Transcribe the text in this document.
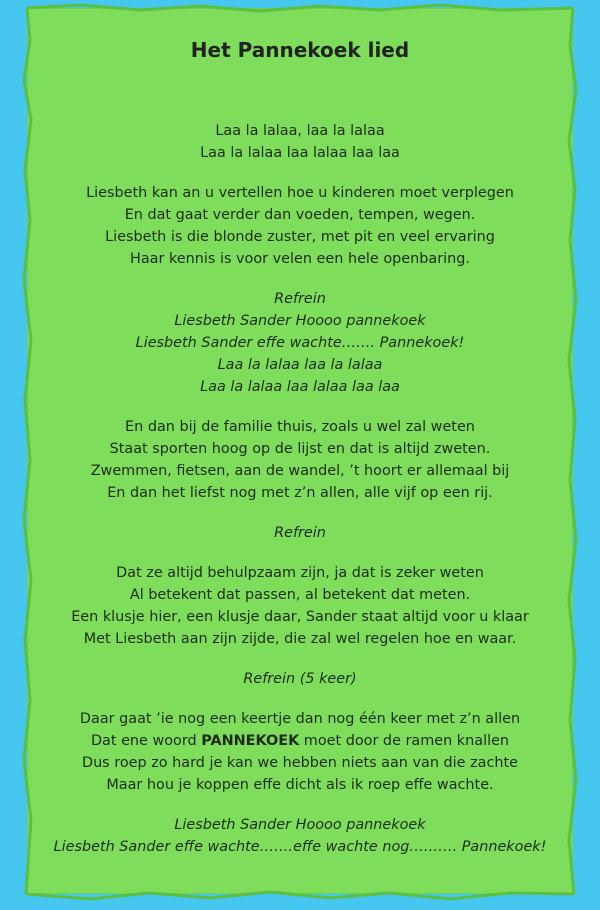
Het Pannekoek lied
Laa la lalaa, laa la lalaa
Laa la lalaa laa lalaa laa laa
Liesbeth kan an u vertellen hoe u kinderen moet verplegen
En dat gaat verder dan voeden, tempen, wegen.
Liesbeth is die blonde zuster, met pit en veel ervaring
Haar kennis is voor velen een hele openbaring.
Refrein
Liesbeth Sander Hoooo pannekoek
Liesbeth Sander effe wachte……. Pannekoek!
Laa la lalaa laa la lalaa
Laa la lalaa laa lalaa laa laa
En dan bij de familie thuis, zoals u wel zal weten
Staat sporten hoog op de lijst en dat is altijd zweten.
Zwemmen, fietsen, aan de wandel, ’t hoort er allemaal bij
En dan het liefst nog met z’n allen, alle vijf op een rij.
Refrein
Dat ze altijd behulpzaam zijn, ja dat is zeker weten
Al betekent dat passen, al betekent dat meten.
Een klusje hier, een klusje daar, Sander staat altijd voor u klaar
Met Liesbeth aan zijn zijde, die zal wel regelen hoe en waar.
Refrein (5 keer)
Daar gaat ’ie nog een keertje dan nog één keer met z’n allen
Dat ene woord PANNEKOEK moet door de ramen knallen
Dus roep zo hard je kan we hebben niets aan van die zachte
Maar hou je koppen effe dicht als ik roep effe wachte.
Liesbeth Sander Hoooo pannekoek
Liesbeth Sander effe wachte…….effe wachte nog………. Pannekoek!
